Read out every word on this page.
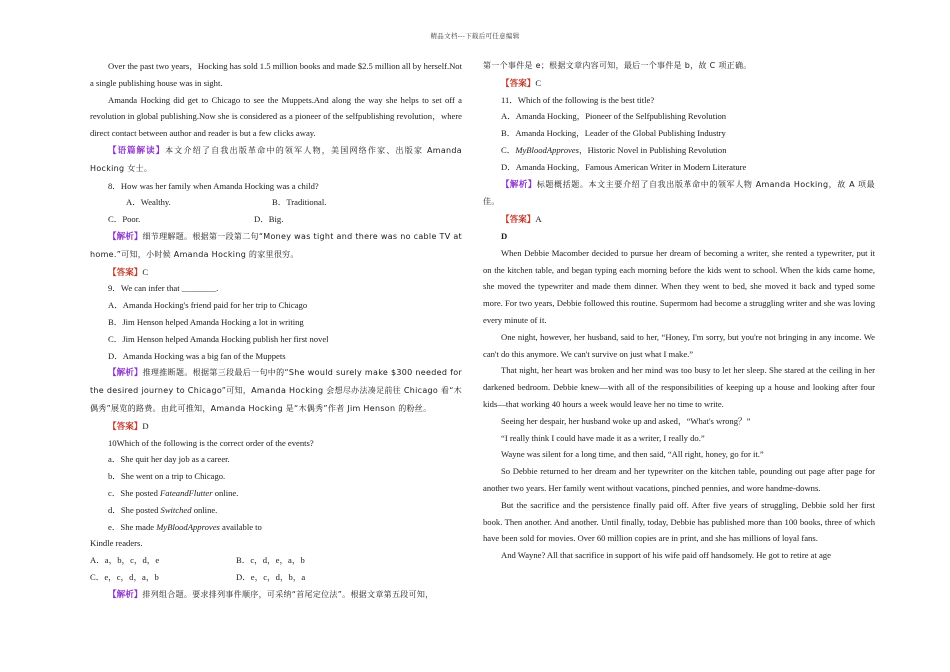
精品文档---下载后可任意编辑

Over the past two years，Hocking has sold 1.5 million books and made $2.5 million all by herself.Not a single publishing house was in sight.

Amanda Hocking did get to Chicago to see the Muppets.And along the way she helps to set off a revolution in global publishing.Now she is considered as a pioneer of the selfpublishing revolution，where direct contact between author and reader is but a few clicks away.

【语篇解读】本文介绍了自我出版革命中的领军人物，美国网络作家、出版家 Amanda Hocking 女士。

8．How was her family when Amanda Hocking was a child?

A．Wealthy.	B．Traditional.
C．Poor.	D．Big.

【解析】细节理解题。根据第一段第二句“Money was tight and there was no cable TV at home.”可知，小时候 Amanda Hocking 的家里很穷。

【答案】C

9．We can infer that ________.

A．Amanda Hocking's friend paid for her trip to Chicago

B．Jim Henson helped Amanda Hocking a lot in writing

C．Jim Henson helped Amanda Hocking publish her first novel

D．Amanda Hocking was a big fan of the Muppets

【解析】推理推断题。根据第三段最后一句中的“She would surely make $300 needed for the desired journey to Chicago”可知，Amanda Hocking 会想尽办法凑足前往 Chicago 看“木偶秀”展览的路费。由此可推知，Amanda Hocking 是“木偶秀”作者 Jim Henson 的粉丝。

【答案】D

10Which of the following is the correct order of the events?

a．She quit her day job as a career.

b．She went on a trip to Chicago.

c．She posted FateandFlutter online.

d．She posted Switched online.

e．She made MyBloodApproves available to

Kindle readers.

A．a，b，c，d，e	B．c，d，e，a，b
C．e，c，d，a，b	D．e，c，d，b，a

【解析】排列组合题。要求排列事件顺序，可采纳“首尾定位法”。根据文章第五段可知，

第一个事件是 e；根据文章内容可知，最后一个事件是 b，故 C 项正确。

【答案】C

11．Which of the following is the best title?

A．Amanda Hocking，Pioneer of the Selfpublishing Revolution

B．Amanda Hocking，Leader of the Global Publishing Industry

C．MyBloodApproves，Historic Novel in Publishing Revolution

D．Amanda Hocking，Famous American Writer in Modern Literature

【解析】标题概括题。本文主要介绍了自我出版革命中的领军人物 Amanda Hocking，故 A 项最佳。

【答案】A

D

When Debbie Macomber decided to pursue her dream of becoming a writer, she rented a typewriter, put it on the kitchen table, and began typing each morning before the kids went to school. When the kids came home, she moved the typewriter and made them dinner. When they went to bed, she moved it back and typed some more. For two years, Debbie followed this routine. Supermom had become a struggling writer and she was loving every minute of it.

One night, however, her husband, said to her, “Honey, I'm sorry, but you're not bringing in any income. We can't do this anymore. We can't survive on just what I make.”

That night, her heart was broken and her mind was too busy to let her sleep. She stared at the ceiling in her darkened bedroom. Debbie knew—with all of the responsibilities of keeping up a house and looking after four kids—that working 40 hours a week would leave her no time to write.

Seeing her despair, her husband woke up and asked，“What's wrong？”

“I really think I could have made it as a writer, I really do.”

Wayne was silent for a long time, and then said, “All right, honey, go for it.”

So Debbie returned to her dream and her typewriter on the kitchen table, pounding out page after page for another two years. Her family went without vacations, pinched pennies, and wore handme-downs.

But the sacrifice and the persistence finally paid off. After five years of struggling, Debbie sold her first book. Then another. And another. Until finally, today, Debbie has published more than 100 books, three of which have been sold for movies. Over 60 million copies are in print, and she has millions of loyal fans.

And Wayne? All that sacrifice in support of his wife paid off handsomely. He got to retire at age
